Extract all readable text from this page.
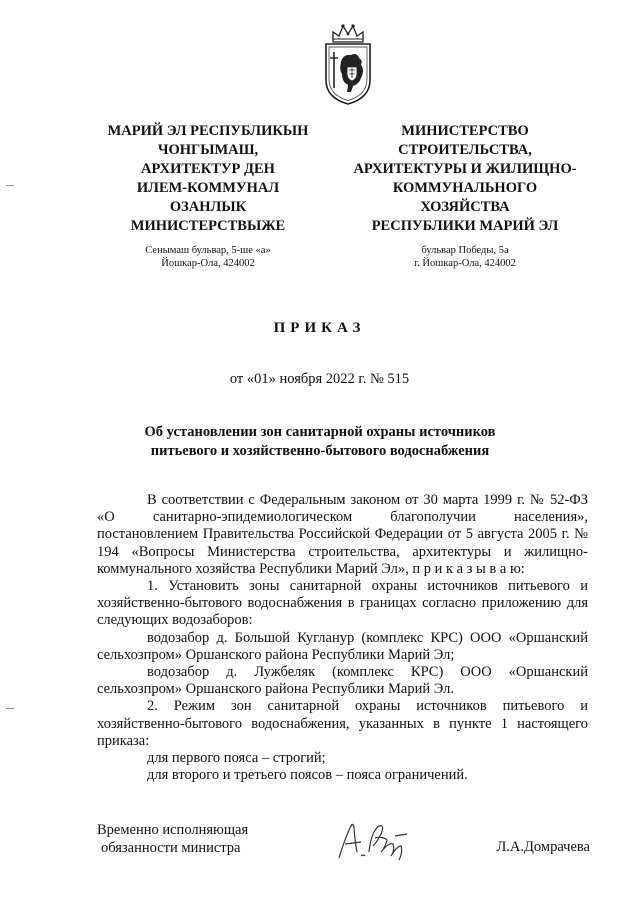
МАРИЙ ЭЛ РЕСПУБЛИКЫН
ЧОНГЫМАШ,
АРХИТЕКТУР ДЕН
ИЛЕМ-КОММУНАЛ
ОЗАНЛЫК
МИНИСТЕРСТВЫЖЕ
МИНИСТЕРСТВО
СТРОИТЕЛЬСТВА,
АРХИТЕКТУРЫ И ЖИЛИЩНО-
КОММУНАЛЬНОГО
ХОЗЯЙСТВА
РЕСПУБЛИКИ МАРИЙ ЭЛ
Сенымаш бульвар, 5-ше «а»
Йошкар-Ола, 424002
бульвар Победы, 5а
г. Йошкар-Ола, 424002
ПРИКАЗ
от «01» ноября 2022 г. № 515
Об установлении зон санитарной охраны источников
питьевого и хозяйственно-бытового водоснабжения

В соответствии с Федеральным законом от 30 марта 1999 г. № 52-ФЗ «О санитарно-эпидемиологическом благополучии населения», постановлением Правительства Российской Федерации от 5 августа 2005 г. № 194 «Вопросы Министерства строительства, архитектуры и жилищно-коммунального хозяйства Республики Марий Эл», п р и к а з ы в а ю:

1. Установить зоны санитарной охраны источников питьевого и хозяйственно-бытового водоснабжения в границах согласно приложению для следующих водозаборов:

водозабор д. Большой Кугланур (комплекс КРС) ООО «Оршанский сельхозпром» Оршанского района Республики Марий Эл;

водозабор д. Лужбеляк (комплекс КРС) ООО «Оршанский сельхозпром» Оршанского района Республики Марий Эл.

2. Режим зон санитарной охраны источников питьевого и хозяйственно-бытового водоснабжения, указанных в пункте 1 настоящего приказа:

для первого пояса – строгий;

для второго и третьего поясов – пояса ограничений.

Временно исполняющая
обязанности министра	Л.А.Домрачева
